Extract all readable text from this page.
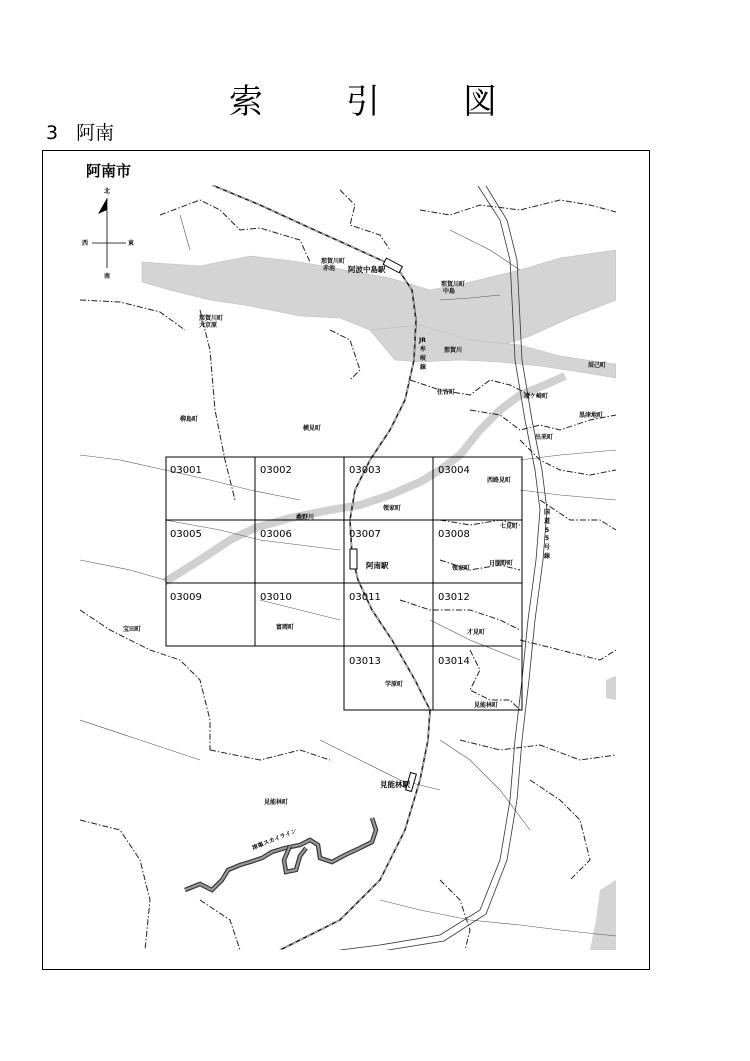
索 引 図
3 阿南
阿南市
北
南
東
西
03001	03002	03003	03004
03005	03006	03007	03008
03009	03010	03011	03012
03013	03014
阿波中島駅
阿南駅
見能林駅
那賀川町
赤池
那賀川町
中島
那賀川町
大京原
那賀川
辰己町
住吉町
原ケ崎町
黒津地町
出来町
柳島町
横見町
西路見町
桑野川
領家町
七見町
日開野町
領家町
宝田町	富岡町
才見町
学原町
見能林町
見能林町
津峯スカイライン
JR
牟
岐
線
国
道
5
5
号
線
